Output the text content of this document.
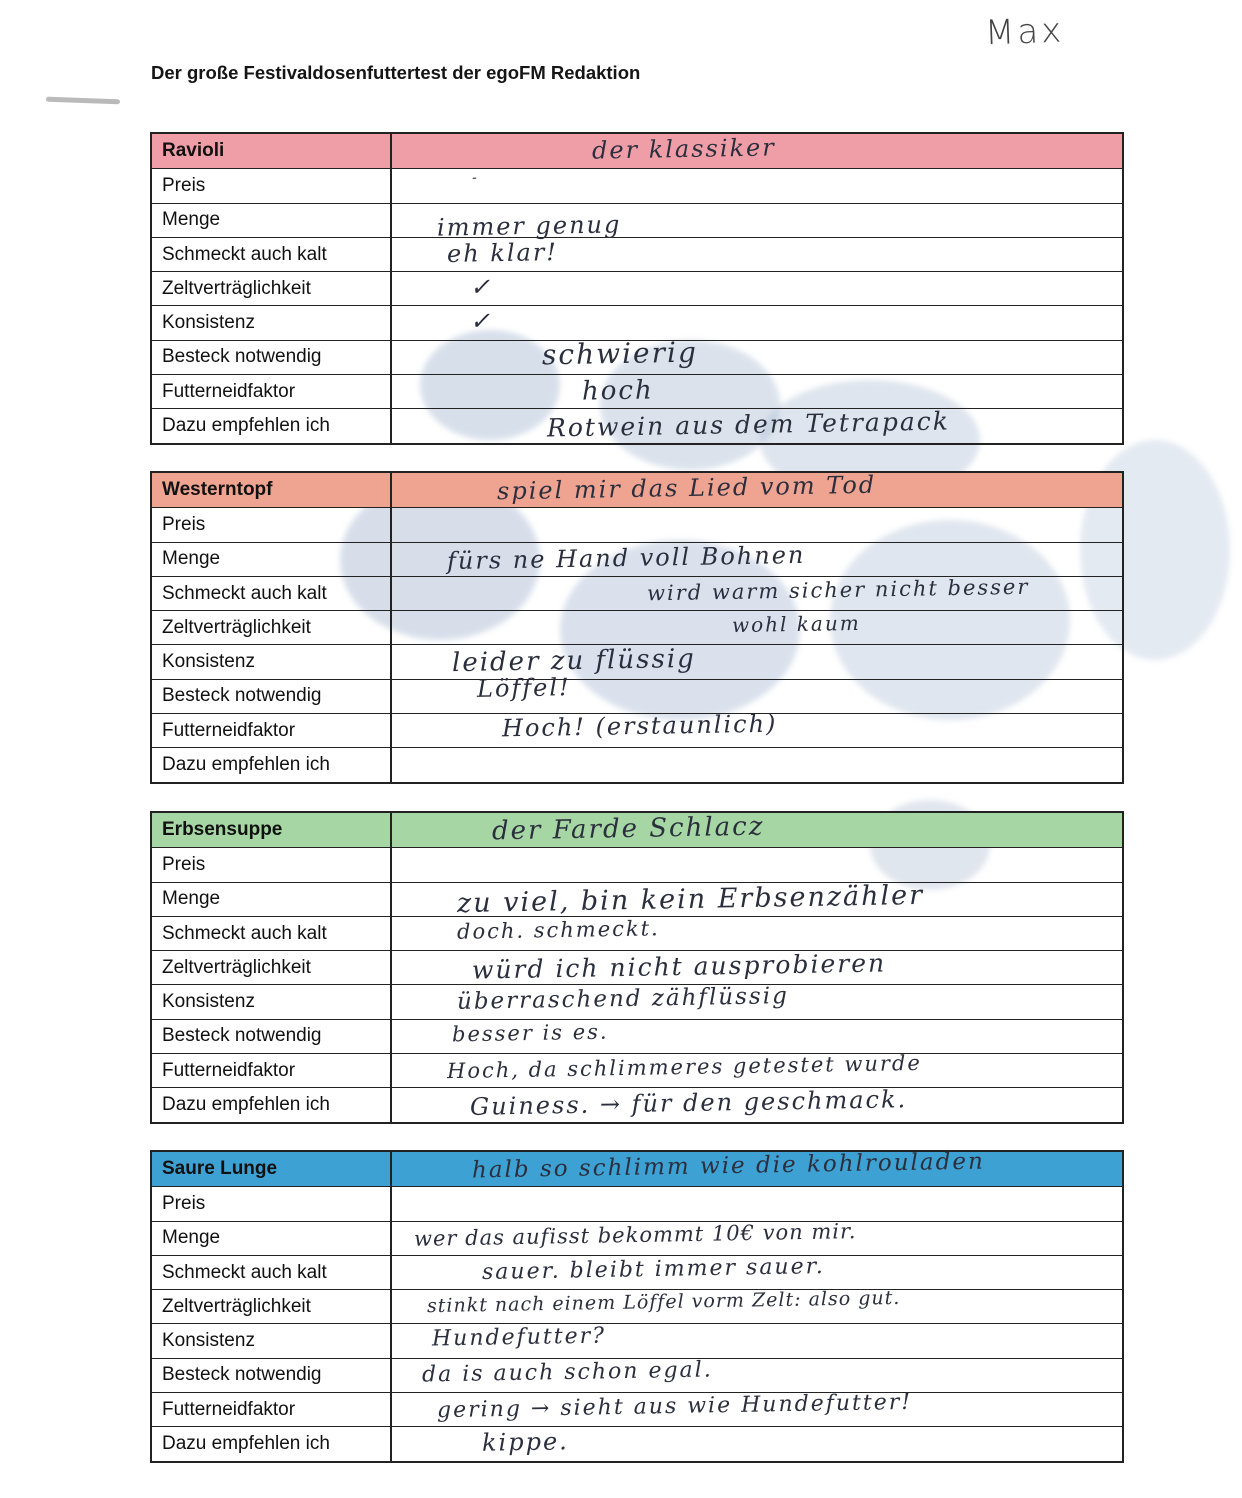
Max
Der große Festivaldosenfuttertest der egoFM Redaktion
Ravioli	der klassiker
Preis	-
Menge	immer genug
Schmeckt auch kalt	eh klar!
Zeltverträglichkeit	✓
Konsistenz	✓
Besteck notwendig	schwierig
Futterneidfaktor	hoch
Dazu empfehlen ich	Rotwein aus dem Tetrapack
Westerntopf	spiel mir das Lied vom Tod
Preis
Menge	fürs ne Hand voll Bohnen
Schmeckt auch kalt	wird warm sicher nicht besser
Zeltverträglichkeit	wohl kaum
Konsistenz	leider zu flüssig
Besteck notwendig	Löffel!
Futterneidfaktor	Hoch! (erstaunlich)
Dazu empfehlen ich
Erbsensuppe	der Farde Schlacz
Preis
Menge	zu viel, bin kein Erbsenzähler
Schmeckt auch kalt	doch. schmeckt.
Zeltverträglichkeit	würd ich nicht ausprobieren
Konsistenz	überraschend zähflüssig
Besteck notwendig	besser is es.
Futterneidfaktor	Hoch, da schlimmeres getestet wurde
Dazu empfehlen ich	Guiness. → für den geschmack.
Saure Lunge	halb so schlimm wie die kohlrouladen
Preis
Menge	wer das aufisst bekommt 10€ von mir.
Schmeckt auch kalt	sauer. bleibt immer sauer.
Zeltverträglichkeit	stinkt nach einem Löffel vorm Zelt: also gut.
Konsistenz	Hundefutter?
Besteck notwendig	da is auch schon egal.
Futterneidfaktor	gering → sieht aus wie Hundefutter!
Dazu empfehlen ich	kippe.
